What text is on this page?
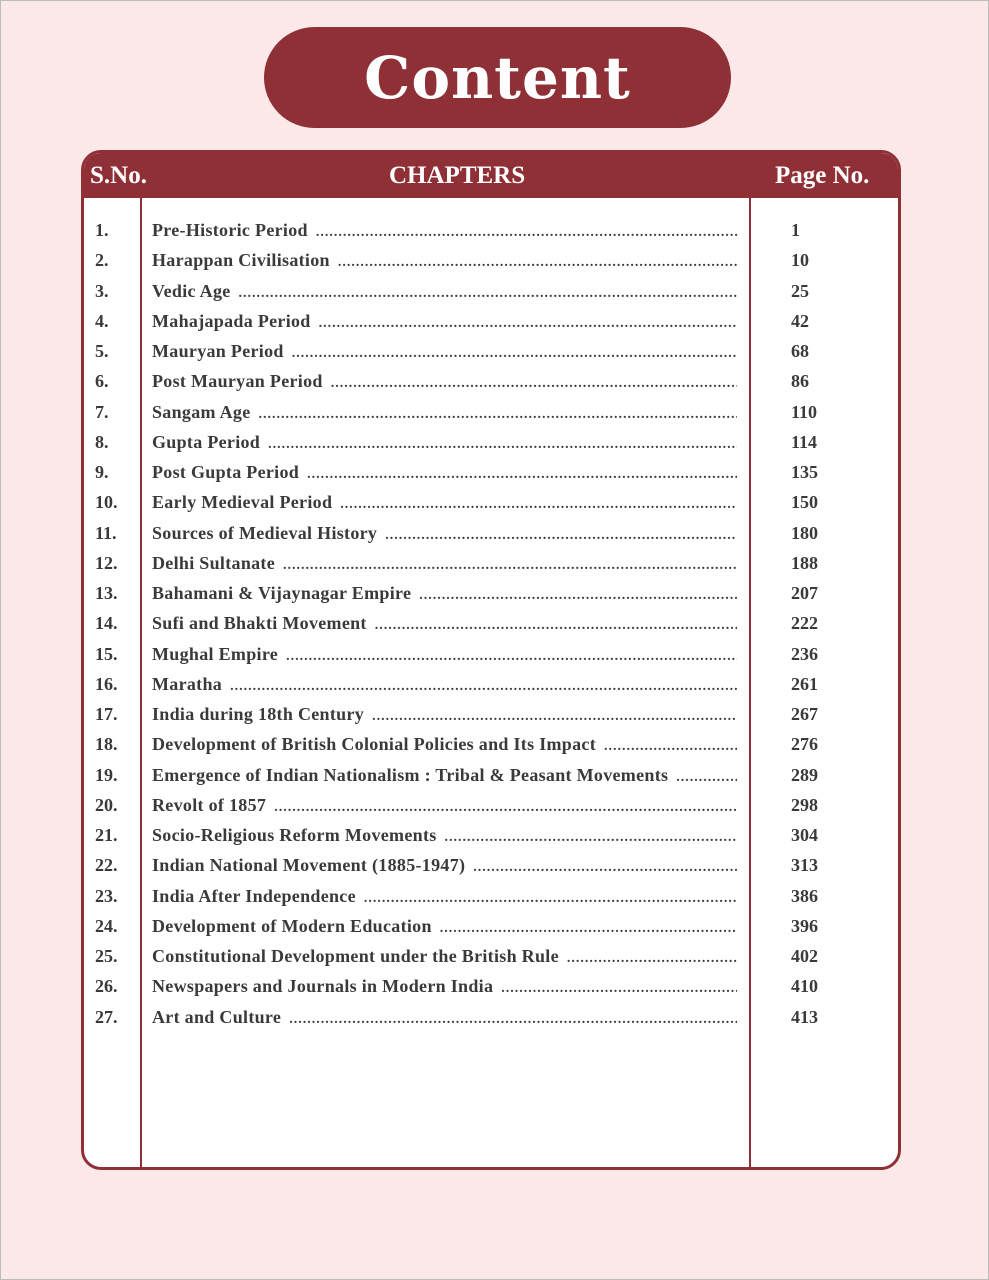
Content
S.No.	CHAPTERS	Page No.
1. Pre-Historic Period .....	1
2. Harappan Civilisation .....	10
3. Vedic Age .....	25
4. Mahajapada Period .....	42
5. Mauryan Period .....	68
6. Post Mauryan Period .....	86
7. Sangam Age .....	110
8. Gupta Period .....	114
9. Post Gupta Period .....	135
10. Early Medieval Period .....	150
11. Sources of Medieval History .....	180
12. Delhi Sultanate .....	188
13. Bahamani & Vijaynagar Empire .....	207
14. Sufi and Bhakti Movement .....	222
15. Mughal Empire .....	236
16. Maratha .....	261
17. India during 18th Century .....	267
18. Development of British Colonial Policies and Its Impact .....	276
19. Emergence of Indian Nationalism : Tribal & Peasant Movements .....	289
20. Revolt of 1857 .....	298
21. Socio-Religious Reform Movements .....	304
22. Indian National Movement (1885-1947) .....	313
23. India After Independence .....	386
24. Development of Modern Education .....	396
25. Constitutional Development under the British Rule .....	402
26. Newspapers and Journals in Modern India .....	410
27. Art and Culture .....	413
